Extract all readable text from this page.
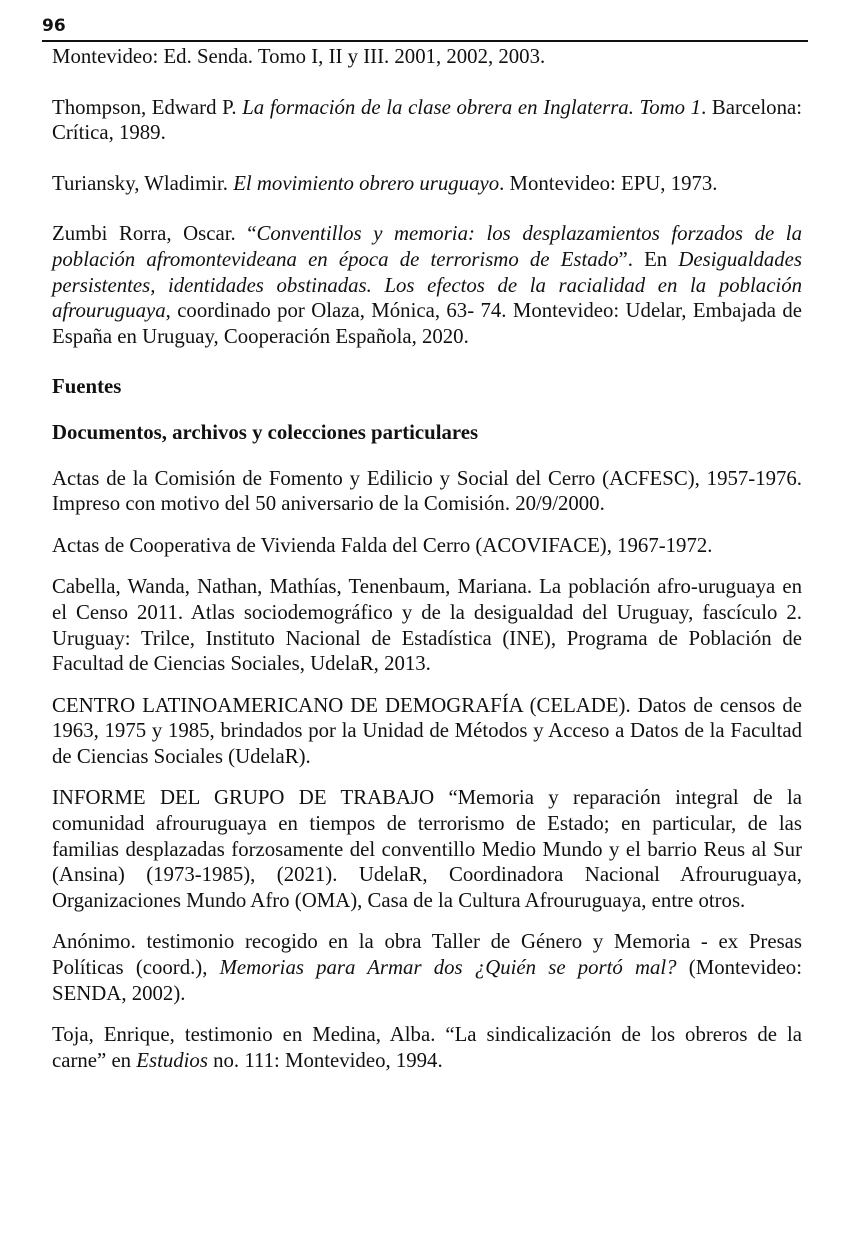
96

Montevideo: Ed. Senda. Tomo I, II y III. 2001, 2002, 2003.

Thompson, Edward P. La formación de la clase obrera en Inglaterra. Tomo 1. Barcelona: Crítica, 1989.

Turiansky, Wladimir. El movimiento obrero uruguayo. Montevideo: EPU, 1973.

Zumbi Rorra, Oscar. “Conventillos y memoria: los desplazamientos forzados de la población afromontevideana en época de terrorismo de Estado”. En Desigualdades persistentes, identidades obstinadas. Los efectos de la racialidad en la población afrouruguaya, coordinado por Olaza, Mónica, 63- 74. Montevideo: Udelar, Embajada de España en Uruguay, Cooperación Española, 2020.

Fuentes
Documentos, archivos y colecciones particulares

Actas de la Comisión de Fomento y Edilicio y Social del Cerro (ACFESC), 1957-1976. Impreso con motivo del 50 aniversario de la Comisión. 20/9/2000.

Actas de Cooperativa de Vivienda Falda del Cerro (ACOVIFACE), 1967-1972.

Cabella, Wanda, Nathan, Mathías, Tenenbaum, Mariana. La población afro-uruguaya en el Censo 2011. Atlas sociodemográfico y de la desigualdad del Uruguay, fascículo 2. Uruguay: Trilce, Instituto Nacional de Estadística (INE), Programa de Población de Facultad de Ciencias Sociales, UdelaR, 2013.

CENTRO LATINOAMERICANO DE DEMOGRAFÍA (CELADE). Datos de censos de 1963, 1975 y 1985, brindados por la Unidad de Métodos y Acceso a Datos de la Facultad de Ciencias Sociales (UdelaR).

INFORME DEL GRUPO DE TRABAJO “Memoria y reparación integral de la comunidad afrouruguaya en tiempos de terrorismo de Estado; en particular, de las familias desplazadas forzosamente del conventillo Medio Mundo y el barrio Reus al Sur (Ansina) (1973-1985), (2021). UdelaR, Coordinadora Nacional Afrouruguaya, Organizaciones Mundo Afro (OMA), Casa de la Cultura Afrouruguaya, entre otros.

Anónimo. testimonio recogido en la obra Taller de Género y Memoria - ex Presas Políticas (coord.), Memorias para Armar dos ¿Quién se portó mal? (Montevideo: SENDA, 2002).

Toja, Enrique, testimonio en Medina, Alba. “La sindicalización de los obreros de la carne” en Estudios no. 111: Montevideo, 1994.
